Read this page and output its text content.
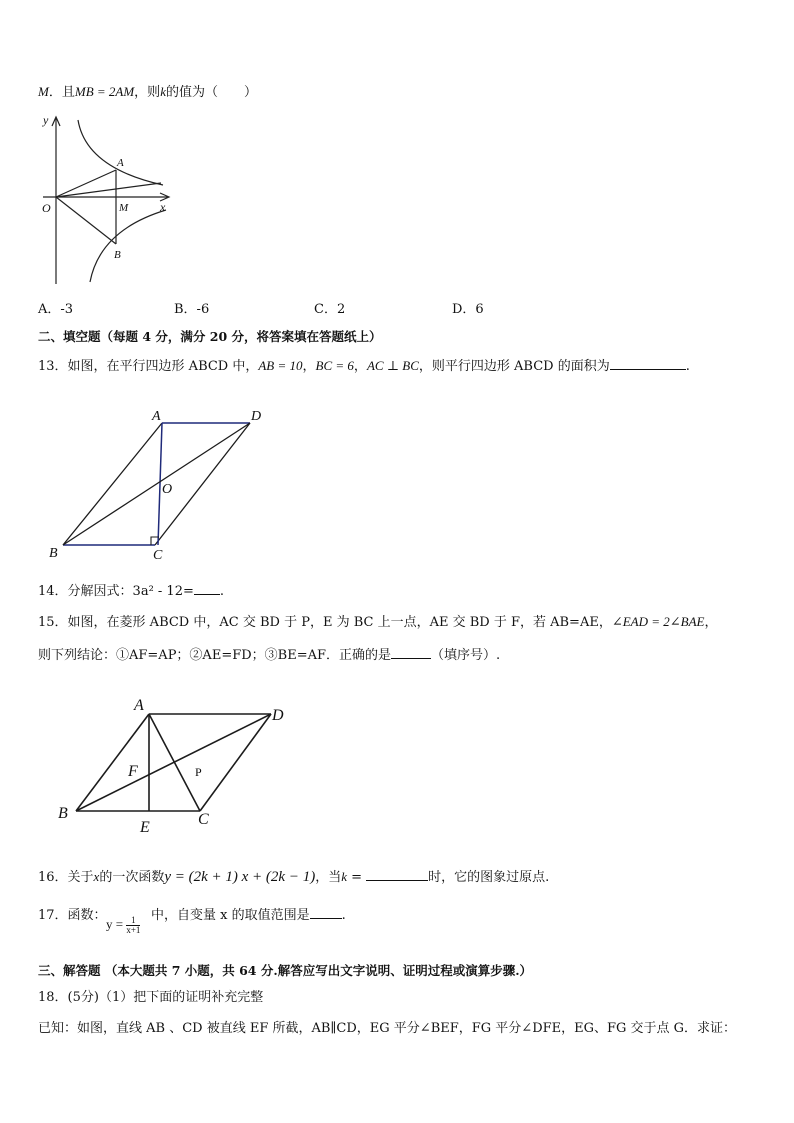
M．且MB = 2AM，则k的值为（　　）
y
x
O
A
M
B
A．-3	B．-6	C．2	D．6
二、填空题（每题 4 分，满分 20 分，将答案填在答题纸上）
13．如图，在平行四边形 ABCD 中，AB = 10，BC = 6，AC ⊥ BC，则平行四边形 ABCD 的面积为	.
A	D
O
B	C
14．分解因式：3a² - 12= .
15．如图，在菱形 ABCD 中，AC 交 BD 于 P，E 为 BC 上一点，AE 交 BD 于 F，若 AB=AE，∠EAD = 2∠BAE，
则下列结论：①AF=AP；②AE=FD；③BE=AF．正确的是	（填序号）.
A
D
F	P
B
E	C
16．关于x的一次函数y = (2k + 1) x + (2k − 1)，当k =	时，它的图象过原点.
17．函数：
$y = \frac{1}{x+1}$
中，自变量 x 的取值范围是 .
三、解答题 （本大题共 7 小题，共 64 分.解答应写出文字说明、证明过程或演算步骤.）
18．(5分)（1）把下面的证明补充完整
已知：如图，直线 AB 、CD 被直线 EF 所截，AB∥CD，EG 平分∠BEF，FG 平分∠DFE，EG、FG 交于点 G．求证：
